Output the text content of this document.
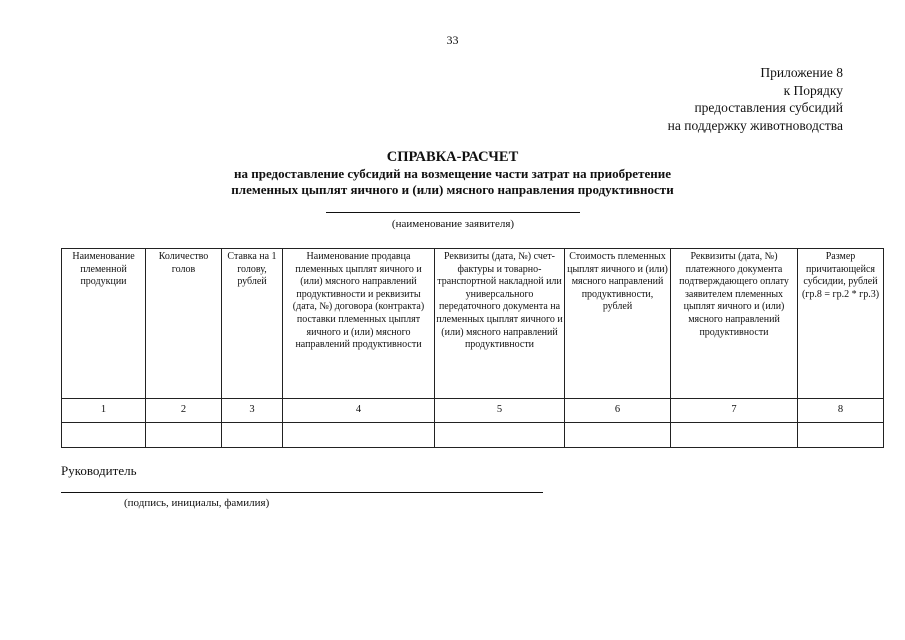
33
Приложение 8
к Порядку
предоставления субсидий
на поддержку животноводства
СПРАВКА-РАСЧЕТ
на предоставление субсидий на возмещение части затрат на приобретение
племенных цыплят яичного и (или) мясного направления продуктивности
(наименование заявителя)
Наименование племенной продукции	Количество голов	Ставка на 1 голову, рублей	Наименование продавца племенных цыплят яичного и (или) мясного направлений продуктивности и реквизиты (дата, №) договора (контракта) поставки племенных цыплят яичного и (или) мясного направлений продуктивности	Реквизиты (дата, №) счет-фактуры и товарно- транспортной накладной или универсального передаточного документа на племенных цыплят яичного и (или) мясного направлений продуктивности	Стоимость племенных цыплят яичного и (или) мясного направлений продуктивности, рублей	Реквизиты (дата, №) платежного документа подтверждающего оплату заявителем племенных цыплят яичного и (или) мясного направлений продуктивности	Размер причитающейся субсидии, рублей (гр.8 = гр.2 * гр.3)
1	2	3	4	5	6	7	8

Руководитель
(подпись, инициалы, фамилия)
